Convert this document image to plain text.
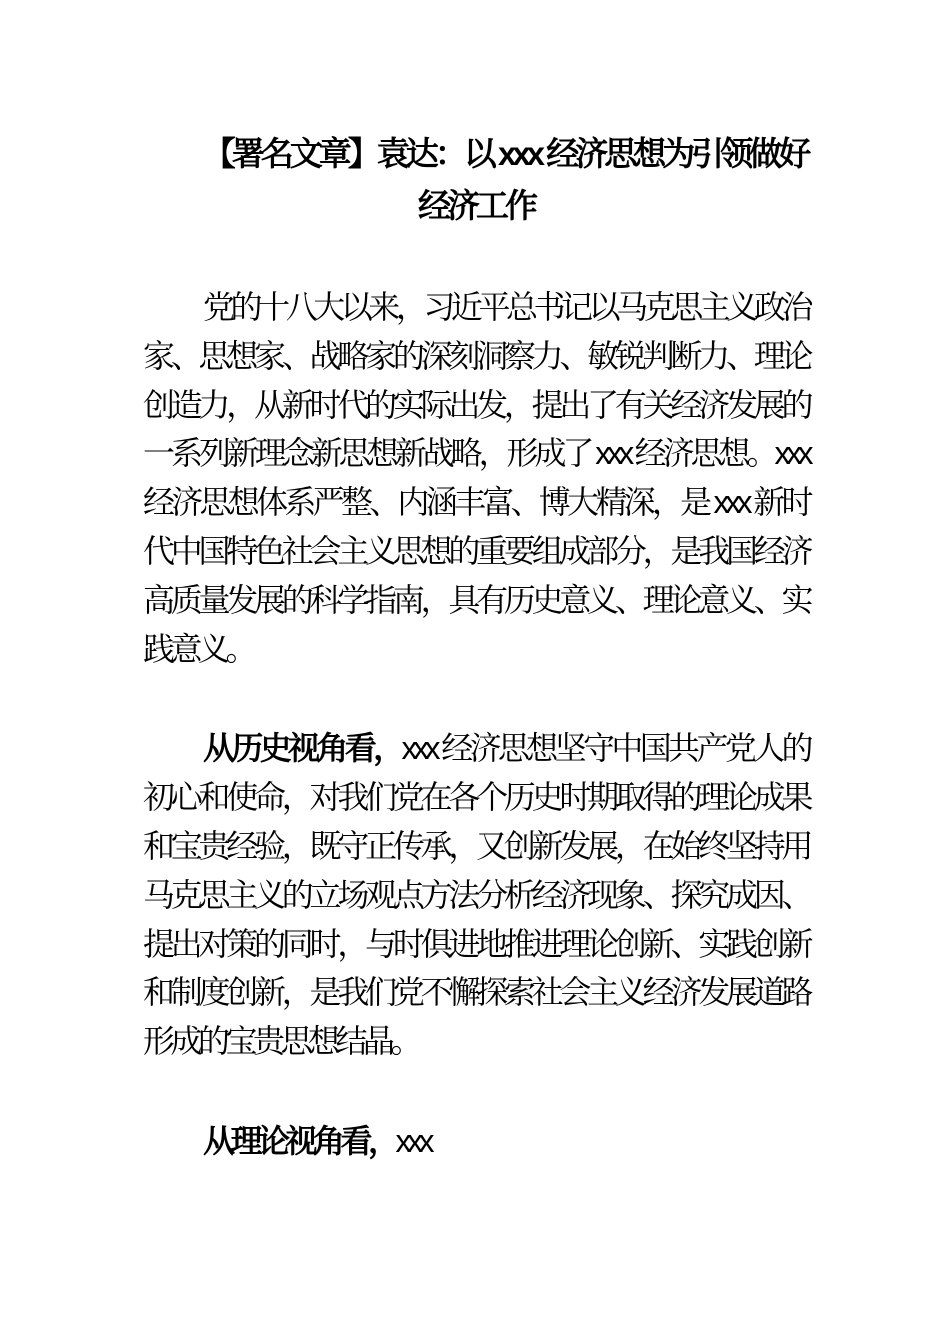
【署名文章】袁达：以 xxx 经济思想为引领做好经济工作

党的十八大以来，习近平总书记以马克思主义政治家、思想家、战略家的深刻洞察力、敏锐判断力、理论创造力，从新时代的实际出发，提出了有关经济发展的一系列新理念新思想新战略，形成了 xxx 经济思想。xxx 经济思想体系严整、内涵丰富、博大精深，是 xxx 新时代中国特色社会主义思想的重要组成部分，是我国经济高质量发展的科学指南，具有历史意义、理论意义、实践意义。

从历史视角看，xxx 经济思想坚守中国共产党人的初心和使命，对我们党在各个历史时期取得的理论成果和宝贵经验，既守正传承，又创新发展，在始终坚持用马克思主义的立场观点方法分析经济现象、探究成因、提出对策的同时，与时俱进地推进理论创新、实践创新和制度创新，是我们党不懈探索社会主义经济发展道路形成的宝贵思想结晶。

从理论视角看，xxx
